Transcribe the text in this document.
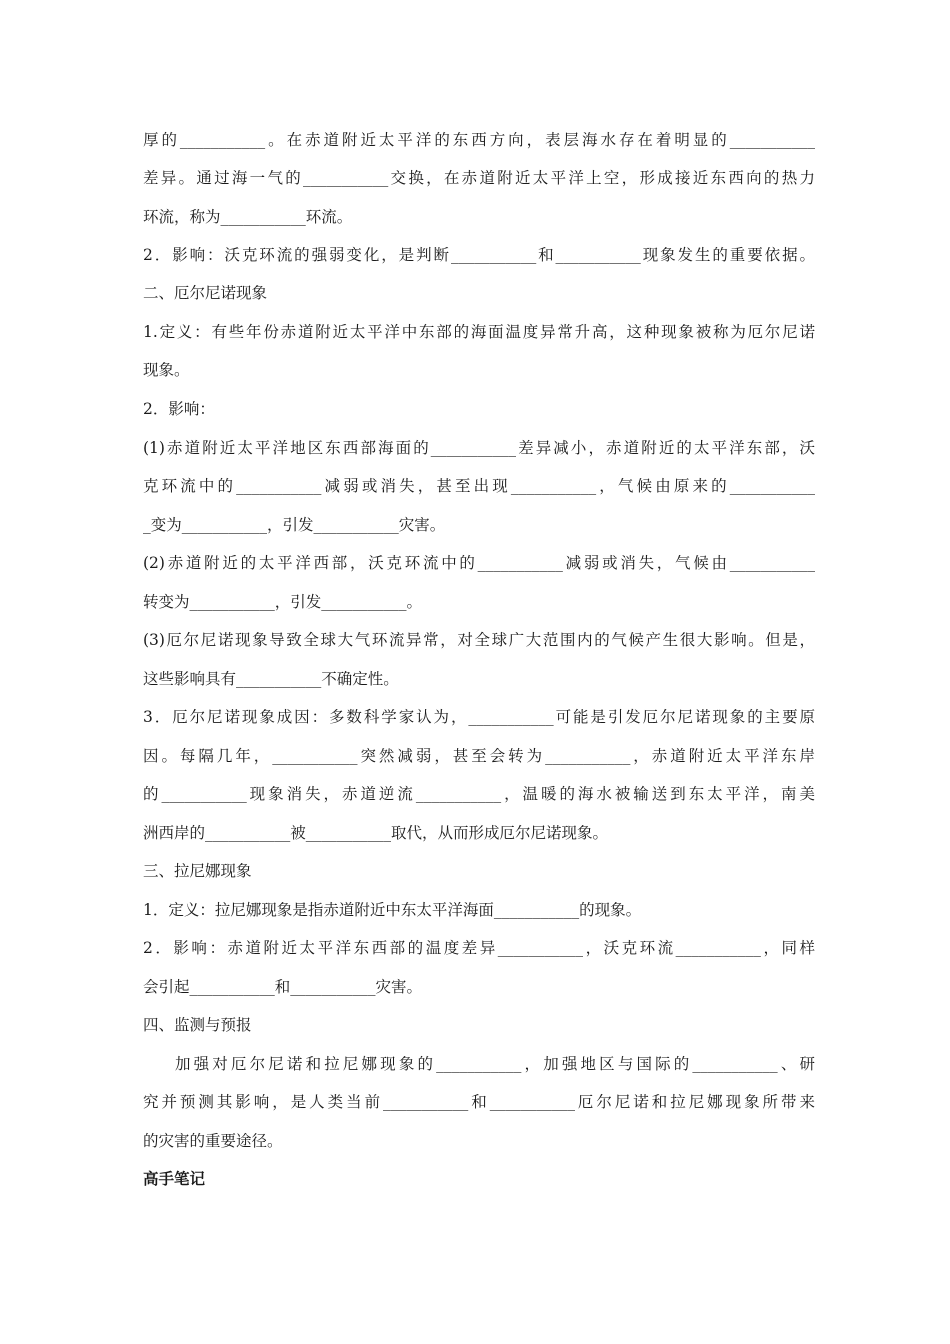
厚的___________。在赤道附近太平洋的东西方向，表层海水存在着明显的___________
差异。通过海一气的___________交换，在赤道附近太平洋上空，形成接近东西向的热力
环流，称为___________环流。
2．影响：沃克环流的强弱变化，是判断___________和___________现象发生的重要依据。
二、厄尔尼诺现象
1.定义：有些年份赤道附近太平洋中东部的海面温度异常升高，这种现象被称为厄尔尼诺
现象。
2．影响：
(1)赤道附近太平洋地区东西部海面的___________差异减小，赤道附近的太平洋东部，沃
克环流中的___________减弱或消失，甚至出现___________，气候由原来的___________
_变为___________，引发___________灾害。
(2)赤道附近的太平洋西部，沃克环流中的___________减弱或消失，气候由___________
转变为___________，引发___________。
(3)厄尔尼诺现象导致全球大气环流异常，对全球广大范围内的气候产生很大影响。但是，
这些影响具有___________不确定性。
3．厄尔尼诺现象成因：多数科学家认为，___________可能是引发厄尔尼诺现象的主要原
因。每隔几年，___________突然减弱，甚至会转为___________，赤道附近太平洋东岸
的___________现象消失，赤道逆流___________，温暖的海水被输送到东太平洋，南美
洲西岸的___________被___________取代，从而形成厄尔尼诺现象。
三、拉尼娜现象
1．定义：拉尼娜现象是指赤道附近中东太平洋海面___________的现象。
2．影响：赤道附近太平洋东西部的温度差异___________，沃克环流___________，同样
会引起___________和___________灾害。
四、监测与预报
加强对厄尔尼诺和拉尼娜现象的___________，加强地区与国际的___________、研
究并预测其影响，是人类当前___________和___________厄尔尼诺和拉尼娜现象所带来
的灾害的重要途径。
高手笔记
